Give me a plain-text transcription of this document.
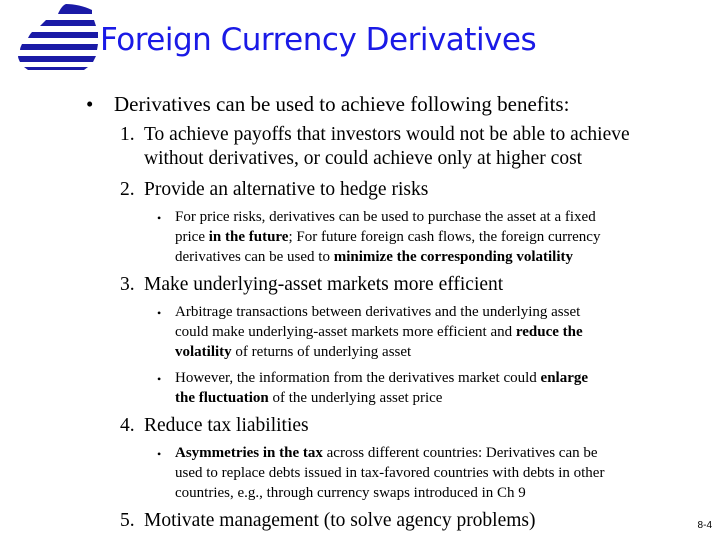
Foreign Currency Derivatives
• Derivatives can be used to achieve following benefits:
1. To achieve payoffs that investors would not be able to achieve
without derivatives, or could achieve only at higher cost
2. Provide an alternative to hedge risks
• For price risks, derivatives can be used to purchase the asset at a fixed
price in the future; For future foreign cash flows, the foreign currency
derivatives can be used to minimize the corresponding volatility
3. Make underlying-asset markets more efficient
• Arbitrage transactions between derivatives and the underlying asset
could make underlying-asset markets more efficient and reduce the
volatility of returns of underlying asset
• However, the information from the derivatives market could enlarge
the fluctuation of the underlying asset price
4. Reduce tax liabilities
• Asymmetries in the tax across different countries: Derivatives can be
used to replace debts issued in tax-favored countries with debts in other
countries, e.g., through currency swaps introduced in Ch 9
5. Motivate management (to solve agency problems)	8-4
